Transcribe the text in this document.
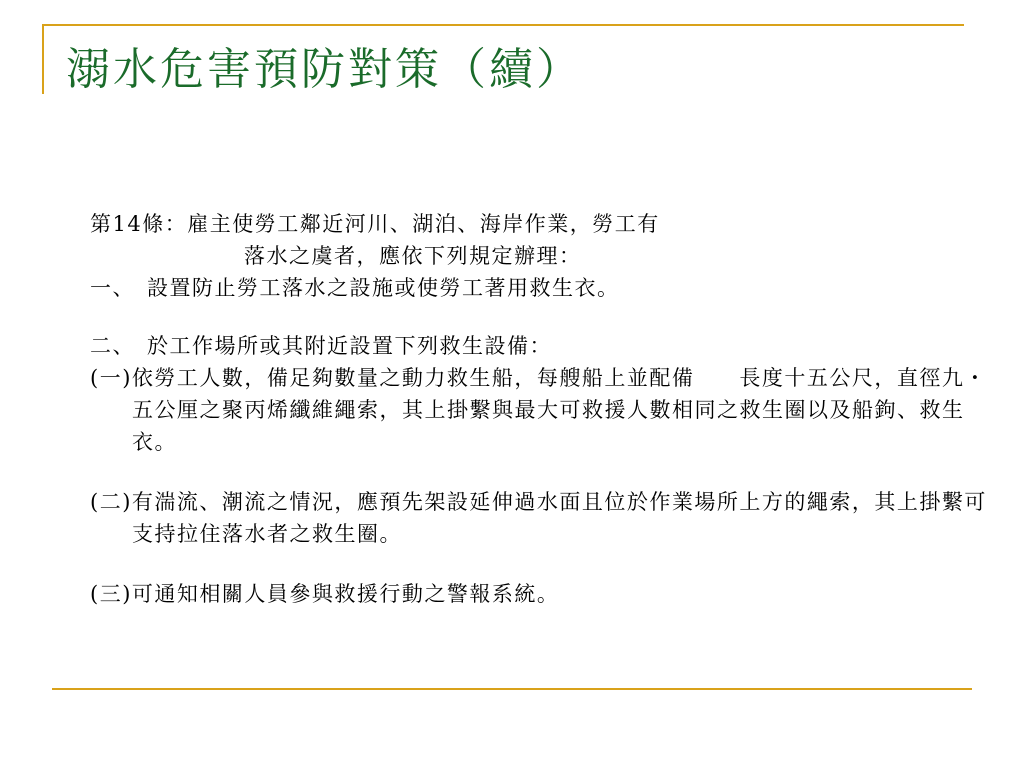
溺水危害預防對策（續）
第14條：雇主使勞工鄰近河川、湖泊、海岸作業，勞工有
落水之虞者，應依下列規定辦理：
一、　設置防止勞工落水之設施或使勞工著用救生衣。
二、　於工作場所或其附近設置下列救生設備：
(一)依勞工人數，備足夠數量之動力救生船，每艘船上並配備　　長度十五公尺，直徑九・五公厘之聚丙烯纖維繩索，其上掛繫與最大可救援人數相同之救生圈以及船鉤、救生衣。
(二)有湍流、潮流之情況，應預先架設延伸過水面且位於作業場所上方的繩索，其上掛繫可支持拉住落水者之救生圈。
(三)可通知相關人員參與救援行動之警報系統。
